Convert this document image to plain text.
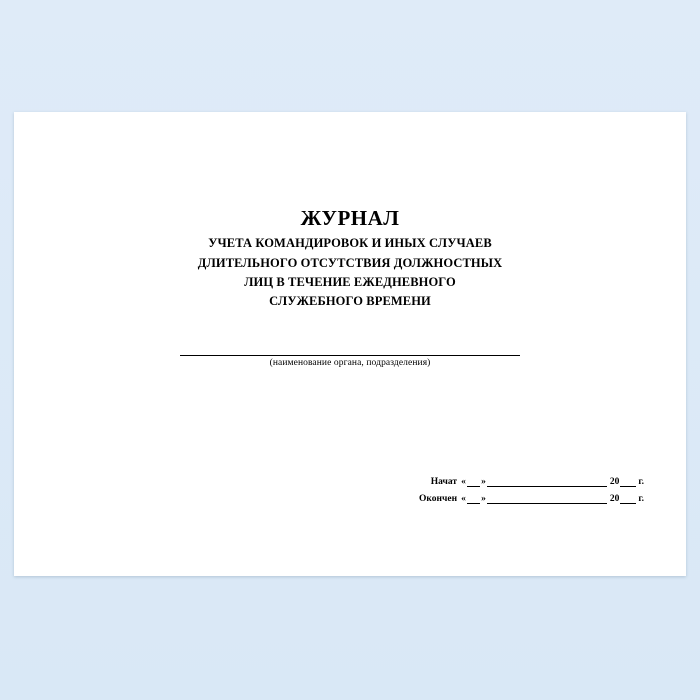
ЖУРНАЛ
УЧЕТА КОМАНДИРОВОК И ИНЫХ СЛУЧАЕВ
ДЛИТЕЛЬНОГО ОТСУТСТВИЯ ДОЛЖНОСТНЫХ
ЛИЦ В ТЕЧЕНИЕ ЕЖЕДНЕВНОГО
СЛУЖЕБНОГО ВРЕМЕНИ
(наименование органа, подразделения)
Начат « »	20 г.
Окончен « »	20 г.
